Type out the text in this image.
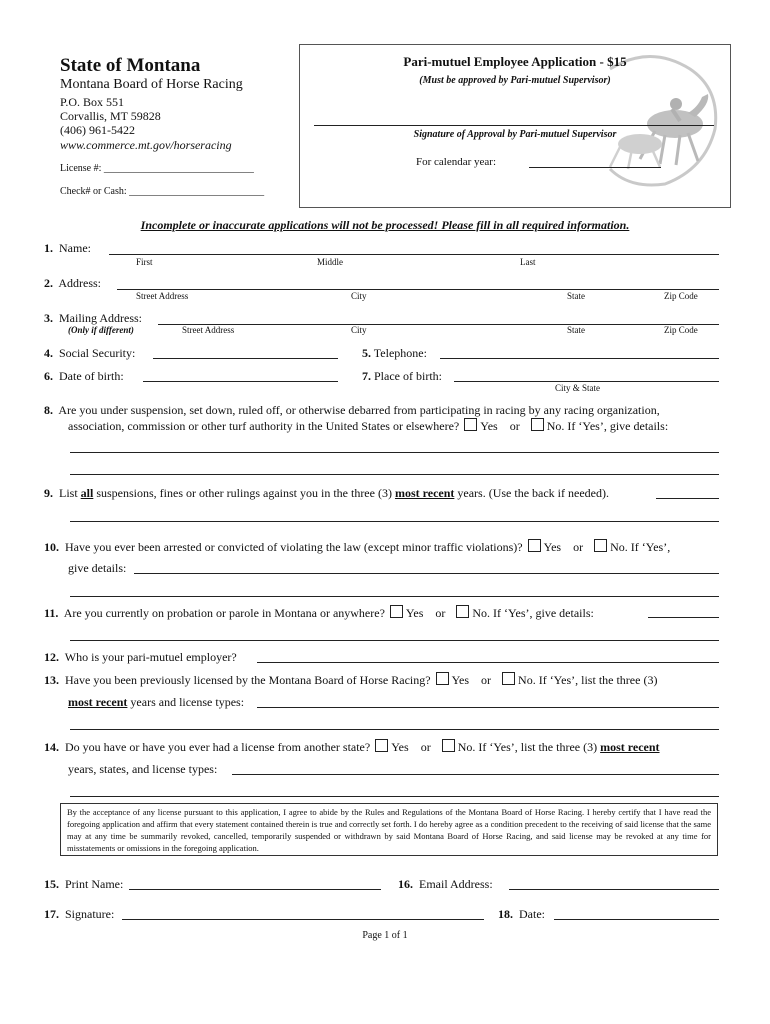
State of Montana
Montana Board of Horse Racing
P.O. Box 551
Corvallis, MT 59828
(406) 961-5422
www.commerce.mt.gov/horseracing
License #: ______________________________
Check# or Cash: ___________________________
Pari-mutuel Employee Application - $15
(Must be approved by Pari-mutuel Supervisor)
Signature of Approval by Pari-mutuel Supervisor
For calendar year:
Incomplete or inaccurate applications will not be processed! Please fill in all required information.
1. Name:
First	Middle	Last
2. Address:
Street Address	City	State	Zip Code
3. Mailing Address:
(Only if different)	Street Address	City	State	Zip Code
4. Social Security:	5. Telephone:
6. Date of birth:	7. Place of birth:
City & State
8. Are you under suspension, set down, ruled off, or otherwise debarred from participating in racing by any racing organization,
association, commission or other turf authority in the United States or elsewhere? Yes or No. If ‘Yes’, give details:
9. List all suspensions, fines or other rulings against you in the three (3) most recent years. (Use the back if needed).
10. Have you ever been arrested or convicted of violating the law (except minor traffic violations)? Yes or No. If ‘Yes’,
give details:
11. Are you currently on probation or parole in Montana or anywhere? Yes or No. If ‘Yes’, give details:
12. Who is your pari-mutuel employer?
13. Have you been previously licensed by the Montana Board of Horse Racing? Yes or No. If ‘Yes’, list the three (3)
most recent years and license types:
14. Do you have or have you ever had a license from another state? Yes or No. If ‘Yes’, list the three (3) most recent
years, states, and license types:
By the acceptance of any license pursuant to this application, I agree to abide by the Rules and Regulations of the Montana Board of Horse Racing. I hereby certify that I have read the foregoing application and affirm that every statement contained therein is true and correctly set forth. I do hereby agree as a condition precedent to the receiving of said license that the same may at any time be summarily revoked, cancelled, temporarily suspended or withdrawn by said Montana Board of Horse Racing, and said license may be revoked at any time for misstatements or omissions in the foregoing application.
15. Print Name:	16. Email Address:
17. Signature:	18. Date:
Page 1 of 1
